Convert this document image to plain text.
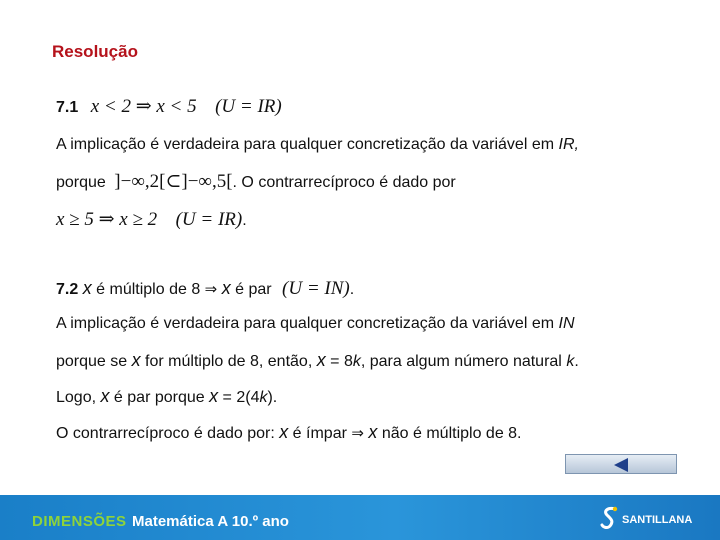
Resolução
7.1 x < 2 ⇒ x < 5 (U = IR)
A implicação é verdadeira para qualquer concretização da variável em IR,
porque ]−∞,2[⊂]−∞,5[. O contrarrecíproco é dado por
x ≥ 5 ⇒ x ≥ 2 (U = IR).
7.2 x é múltiplo de 8 ⇒ x é par (U = IN).
A implicação é verdadeira para qualquer concretização da variável em IN
porque se x for múltiplo de 8, então, x = 8k, para algum número natural k.
Logo, x é par porque x = 2(4k).
O contrarrecíproco é dado por: x é ímpar ⇒ x não é múltiplo de 8.
DIMENSÕES Matemática A 10.º ano	SANTILLANA
